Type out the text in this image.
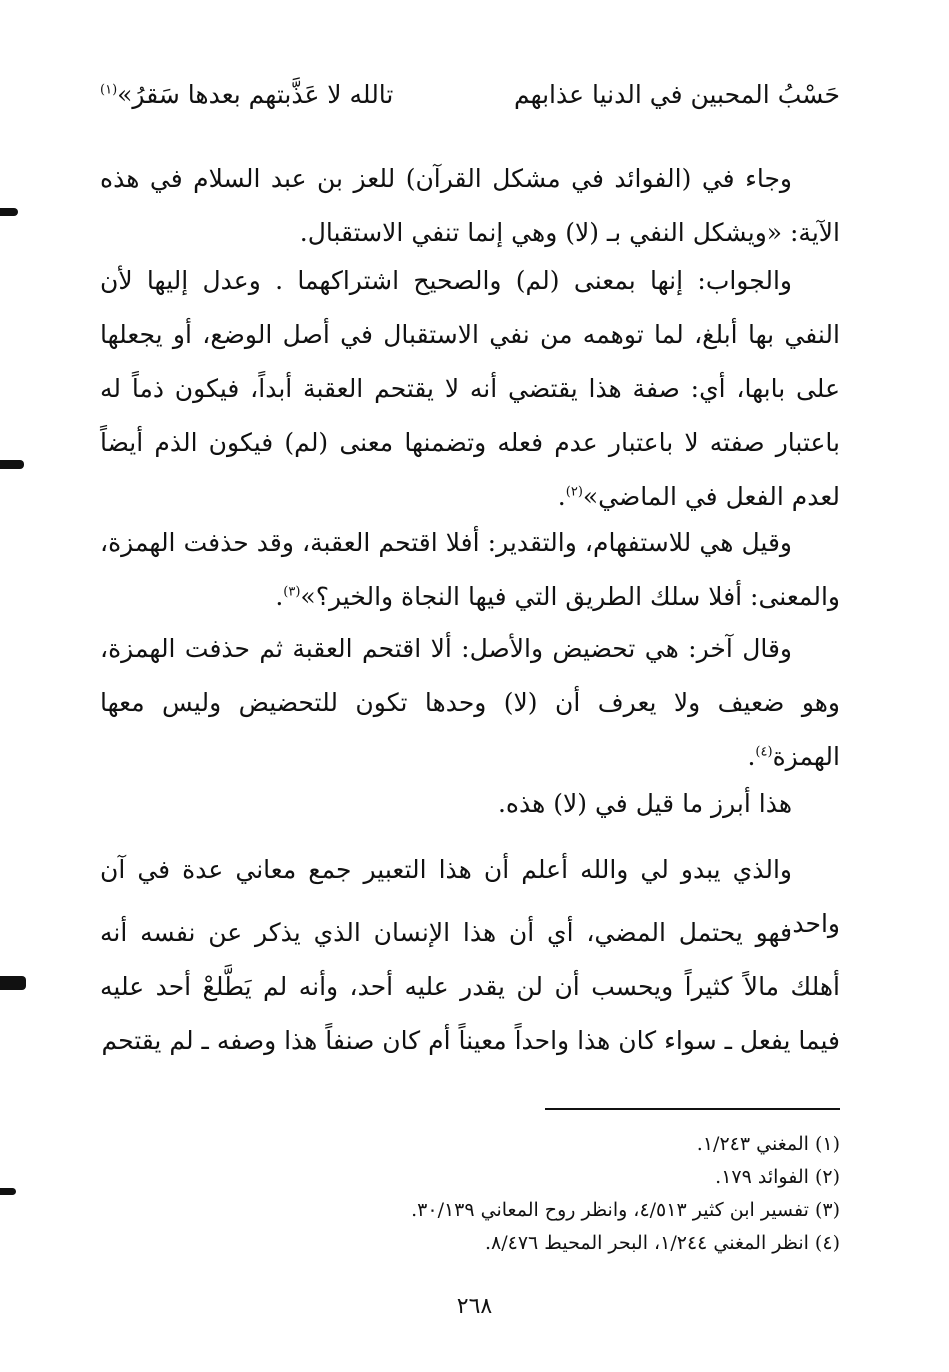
حَسْبُ المحبين في الدنيا عذابهم
تالله لا عَذَّبتهم بعدها سَقرُ»$^{(١)}$

وجاء في (الفوائد في مشكل القرآن) للعز بن عبد السلام في هذه الآية: «ويشكل النفي بـ (لا) وهي إنما تنفي الاستقبال.

والجواب: إنها بمعنى (لم) والصحيح اشتراكهما . وعدل إليها لأن النفي بها أبلغ، لما توهمه من نفي الاستقبال في أصل الوضع، أو يجعلها على بابها، أي: صفة هذا يقتضي أنه لا يقتحم العقبة أبداً، فيكون ذماً له باعتبار صفته لا باعتبار عدم فعله وتضمنها معنى (لم) فيكون الذم أيضاً لعدم الفعل في الماضي»$^{(٢)}$.

وقيل هي للاستفهام، والتقدير: أفلا اقتحم العقبة، وقد حذفت الهمزة، والمعنى: أفلا سلك الطريق التي فيها النجاة والخير؟»$^{(٣)}$.

وقال آخر: هي تحضيض والأصل: ألا اقتحم العقبة ثم حذفت الهمزة، وهو ضعيف ولا يعرف أن (لا) وحدها تكون للتحضيض وليس معها الهمزة$^{(٤)}$.

هذا أبرز ما قيل في (لا) هذه.

والذي يبدو لي والله أعلم أن هذا التعبير جمع معاني عدة في آن واحد.

فهو يحتمل المضي، أي أن هذا الإنسان الذي يذكر عن نفسه أنه أهلك مالاً كثيراً ويحسب أن لن يقدر عليه أحد، وأنه لم يَطَّلعْ أحد عليه فيما يفعل ـ سواء كان هذا واحداً معيناً أم كان صنفاً هذا وصفه ـ لم يقتحم

(١) المغني ١/٢٤٣.
(٢) الفوائد ١٧٩.
(٣) تفسير ابن كثير ٤/٥١٣، وانظر روح المعاني ٣٠/١٣٩.
(٤) انظر المغني ١/٢٤٤، البحر المحيط ٨/٤٧٦.
٢٦٨
